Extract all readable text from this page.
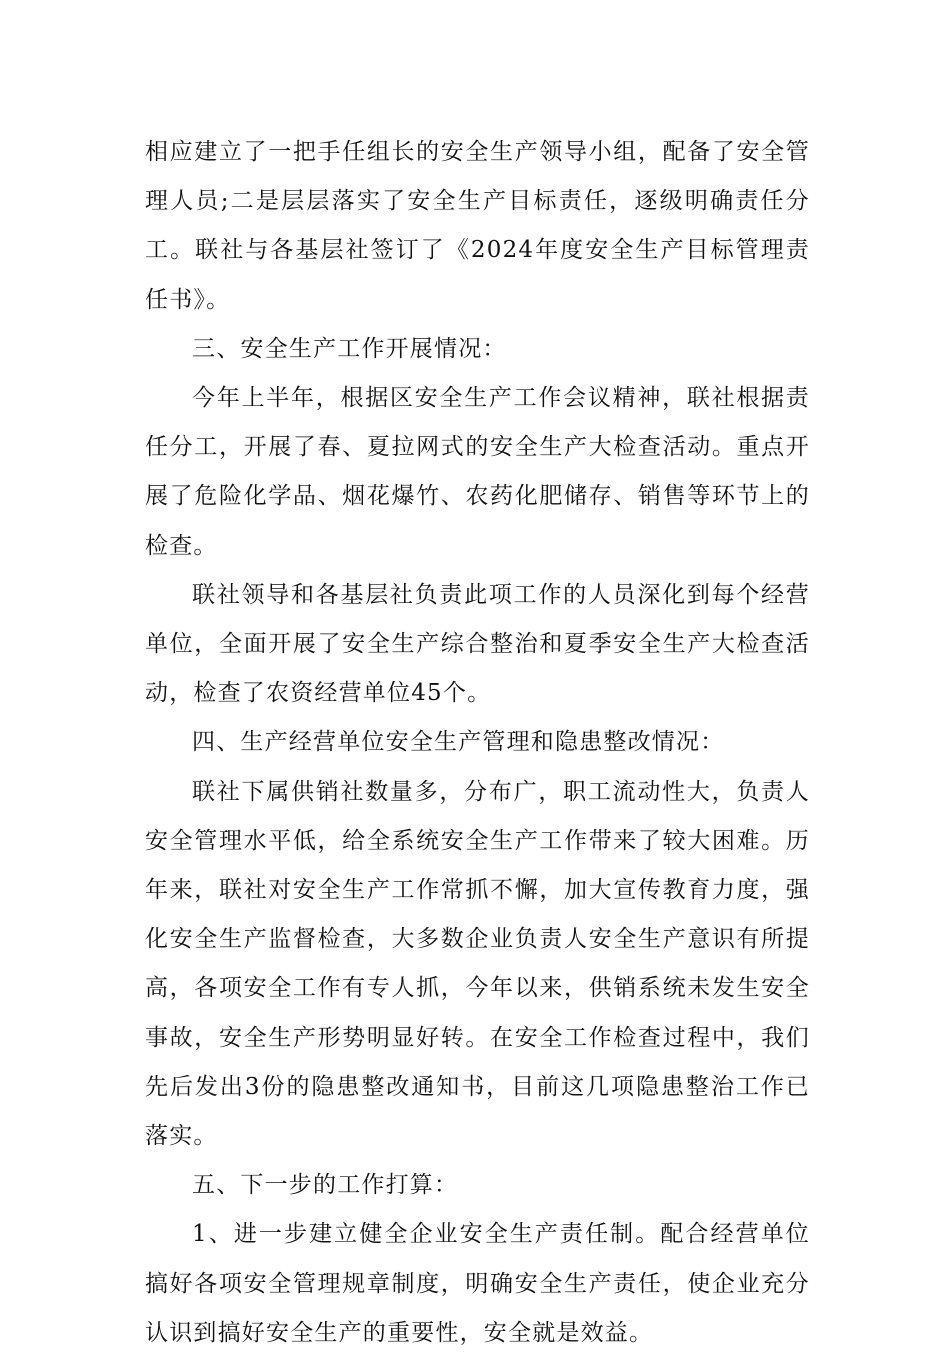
相应建立了一把手任组长的安全生产领导小组，配备了安全管理人员;二是层层落实了安全生产目标责任，逐级明确责任分工。联社与各基层社签订了《2024年度安全生产目标管理责任书》。

三、安全生产工作开展情况：

今年上半年，根据区安全生产工作会议精神，联社根据责任分工，开展了春、夏拉网式的安全生产大检查活动。重点开展了危险化学品、烟花爆竹、农药化肥储存、销售等环节上的检查。

联社领导和各基层社负责此项工作的人员深化到每个经营单位，全面开展了安全生产综合整治和夏季安全生产大检查活动，检查了农资经营单位45个。

四、生产经营单位安全生产管理和隐患整改情况：

联社下属供销社数量多，分布广，职工流动性大，负责人安全管理水平低，给全系统安全生产工作带来了较大困难。历年来，联社对安全生产工作常抓不懈，加大宣传教育力度，强化安全生产监督检查，大多数企业负责人安全生产意识有所提高，各项安全工作有专人抓，今年以来，供销系统未发生安全事故，安全生产形势明显好转。在安全工作检查过程中，我们先后发出3份的隐患整改通知书，目前这几项隐患整治工作已落实。

五、下一步的工作打算：

1、进一步建立健全企业安全生产责任制。配合经营单位搞好各项安全管理规章制度，明确安全生产责任，使企业充分认识到搞好安全生产的重要性，安全就是效益。
